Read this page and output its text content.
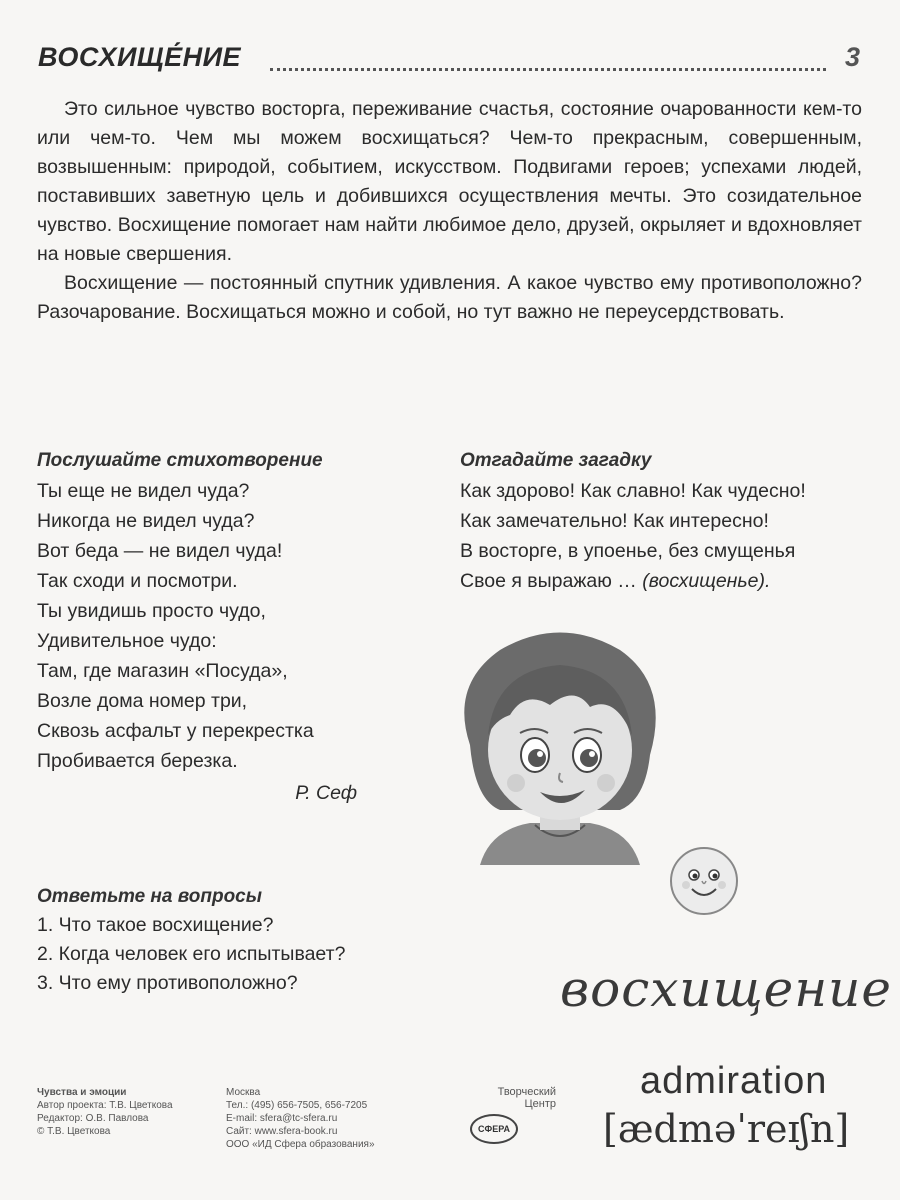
ВОСХИЩЕ́НИЕ	3

Это сильное чувство восторга, переживание счастья, состояние очарованности кем-то или чем-то. Чем мы можем восхищаться? Чем-то прекрасным, совершенным, возвышенным: природой, событием, искусством. Подвигами героев; успехами людей, поставивших заветную цель и добившихся осуществления мечты. Это созидательное чувство. Восхищение помогает нам найти любимое дело, друзей, окрыляет и вдохновляет на новые свершения.

Восхищение — постоянный спутник удивления. А какое чувство ему противоположно? Разочарование. Восхищаться можно и собой, но тут важно не переусердствовать.

Послушайте стихотворение
Ты еще не видел чуда?
Никогда не видел чуда?
Вот беда — не видел чуда!
Так сходи и посмотри.
Ты увидишь просто чудо,
Удивительное чудо:
Там, где магазин «Посуда»,
Возле дома номер три,
Сквозь асфальт у перекрестка
Пробивается березка.
Р. Сеф
Отгадайте загадку
Как здорово! Как славно! Как чудесно!
Как замечательно! Как интересно!
В восторге, в упоенье, без смущенья
Свое я выражаю … (восхищенье).
Ответьте на вопросы
1. Что такое восхищение?
2. Когда человек его испытывает?
3. Что ему противоположно?	восхищение
admiration
[ædməˈreɪʃn]
Чувства и эмоции
Автор проекта: Т.В. Цветкова
Редактор: О.В. Павлова
© Т.В. Цветкова
Москва
Тел.: (495) 656-7505, 656-7205
E-mail: sfera@tc-sfera.ru
Сайт: www.sfera-book.ru
ООО «ИД Сфера образования»
Творческий
Центр
СФЕРА
